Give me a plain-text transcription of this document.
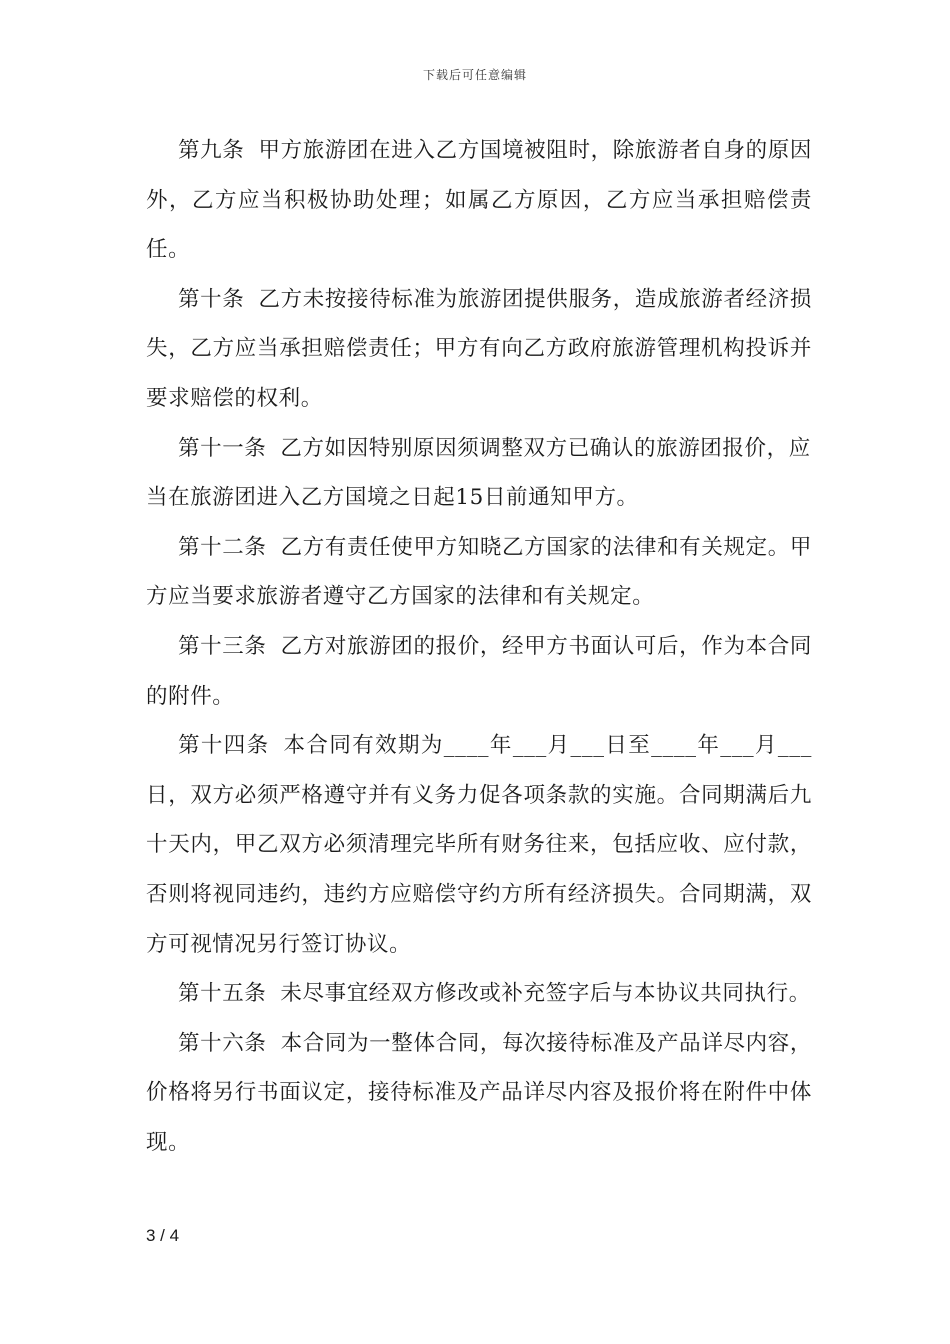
下载后可任意编辑

第九条 甲方旅游团在进入乙方国境被阻时，除旅游者自身的原因外，乙方应当积极协助处理；如属乙方原因，乙方应当承担赔偿责任。

第十条 乙方未按接待标准为旅游团提供服务，造成旅游者经济损失，乙方应当承担赔偿责任；甲方有向乙方政府旅游管理机构投诉并要求赔偿的权利。

第十一条 乙方如因特别原因须调整双方已确认的旅游团报价，应

当在旅游团进入乙方国境之日起15日前通知甲方。

第十二条 乙方有责任使甲方知晓乙方国家的法律和有关规定。甲方应当要求旅游者遵守乙方国家的法律和有关规定。

第十三条 乙方对旅游团的报价，经甲方书面认可后，作为本合同的附件。

第十四条 本合同有效期为____年___月___日至____年___月___日，双方必须严格遵守并有义务力促各项条款的实施。合同期满后九十天内，甲乙双方必须清理完毕所有财务往来，包括应收、应付款，否则将视同违约，违约方应赔偿守约方所有经济损失。合同期满，双方可视情况另行签订协议。

第十五条 未尽事宜经双方修改或补充签字后与本协议共同执行。

第十六条 本合同为一整体合同，每次接待标准及产品详尽内容，价格将另行书面议定，接待标准及产品详尽内容及报价将在附件中体现。

3 / 4
